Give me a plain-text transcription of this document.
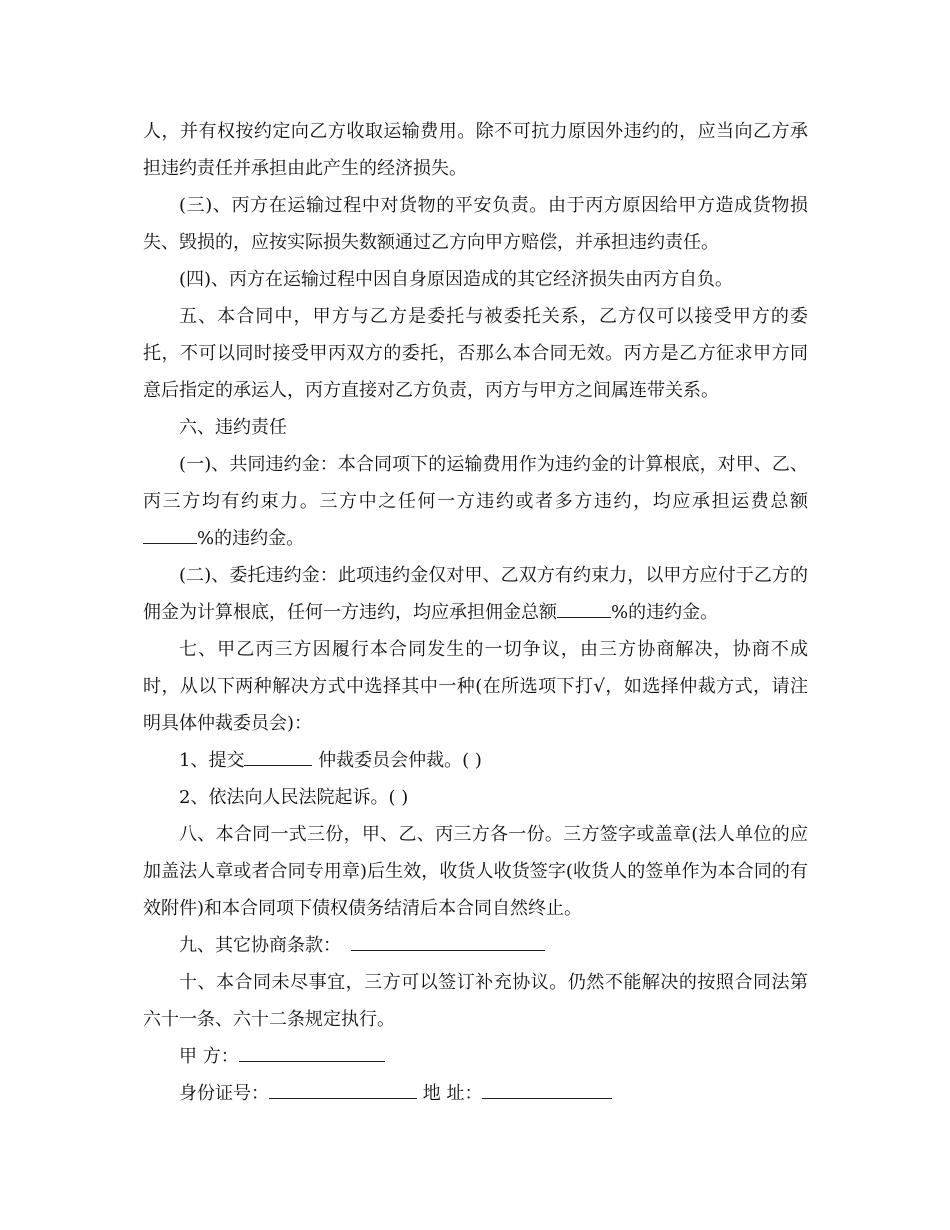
人，并有权按约定向乙方收取运输费用。除不可抗力原因外违约的，应当向乙方承担违约责任并承担由此产生的经济损失。

(三)、丙方在运输过程中对货物的平安负责。由于丙方原因给甲方造成货物损失、毁损的，应按实际损失数额通过乙方向甲方赔偿，并承担违约责任。

(四)、丙方在运输过程中因自身原因造成的其它经济损失由丙方自负。

五、本合同中，甲方与乙方是委托与被委托关系，乙方仅可以接受甲方的委托，不可以同时接受甲丙双方的委托，否那么本合同无效。丙方是乙方征求甲方同意后指定的承运人，丙方直接对乙方负责，丙方与甲方之间属连带关系。

六、违约责任

(一)、共同违约金：本合同项下的运输费用作为违约金的计算根底，对甲、乙、丙三方均有约束力。三方中之任何一方违约或者多方违约，均应承担运费总额%的违约金。

(二)、委托违约金：此项违约金仅对甲、乙双方有约束力，以甲方应付于乙方的佣金为计算根底，任何一方违约，均应承担佣金总额	%的违约金。

七、甲乙丙三方因履行本合同发生的一切争议，由三方协商解决，协商不成时，从以下两种解决方式中选择其中一种(在所选项下打√，如选择仲裁方式，请注明具体仲裁委员会)：

1、提交	仲裁委员会仲裁。( )

2、依法向人民法院起诉。( )

八、本合同一式三份，甲、乙、丙三方各一份。三方签字或盖章(法人单位的应加盖法人章或者合同专用章)后生效，收货人收货签字(收货人的签单作为本合同的有效附件)和本合同项下债权债务结清后本合同自然终止。

九、其它协商条款：

十、本合同未尽事宜，三方可以签订补充协议。仍然不能解决的按照合同法第六十一条、六十二条规定执行。

甲 方：

身份证号：	地 址：
